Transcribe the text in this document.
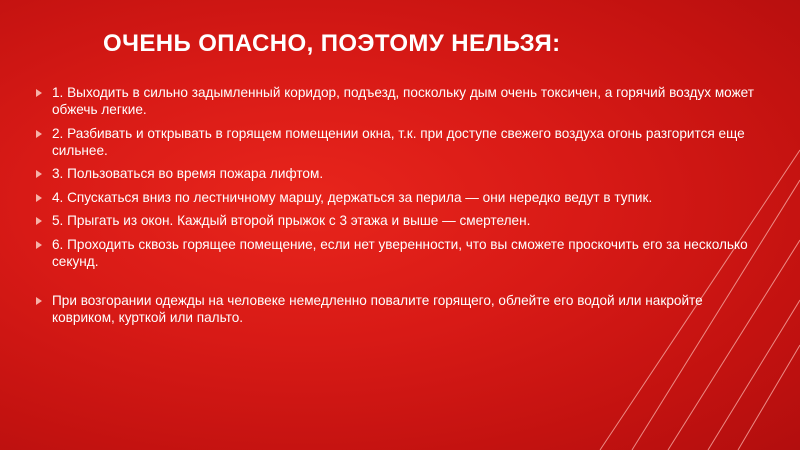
ОЧЕНЬ ОПАСНО, ПОЭТОМУ НЕЛЬЗЯ:
1. Выходить в сильно задымленный коридор, подъезд, поскольку дым очень токсичен, а горячий воздух может обжечь легкие.
2. Разбивать и открывать в горящем помещении окна, т.к. при доступе свежего воздуха огонь разгорится еще сильнее.
3. Пользоваться во время пожара лифтом.
4. Спускаться вниз по лестничному маршу, держаться за перила — они нередко ведут в тупик.
5. Прыгать из окон. Каждый второй прыжок с 3 этажа и выше — смертелен.
6. Проходить сквозь горящее помещение, если нет уверенности, что вы сможете проскочить его за несколько секунд.
При возгорании одежды на человеке немедленно повалите горящего, облейте его водой или накройте ковриком, курткой или пальто.
